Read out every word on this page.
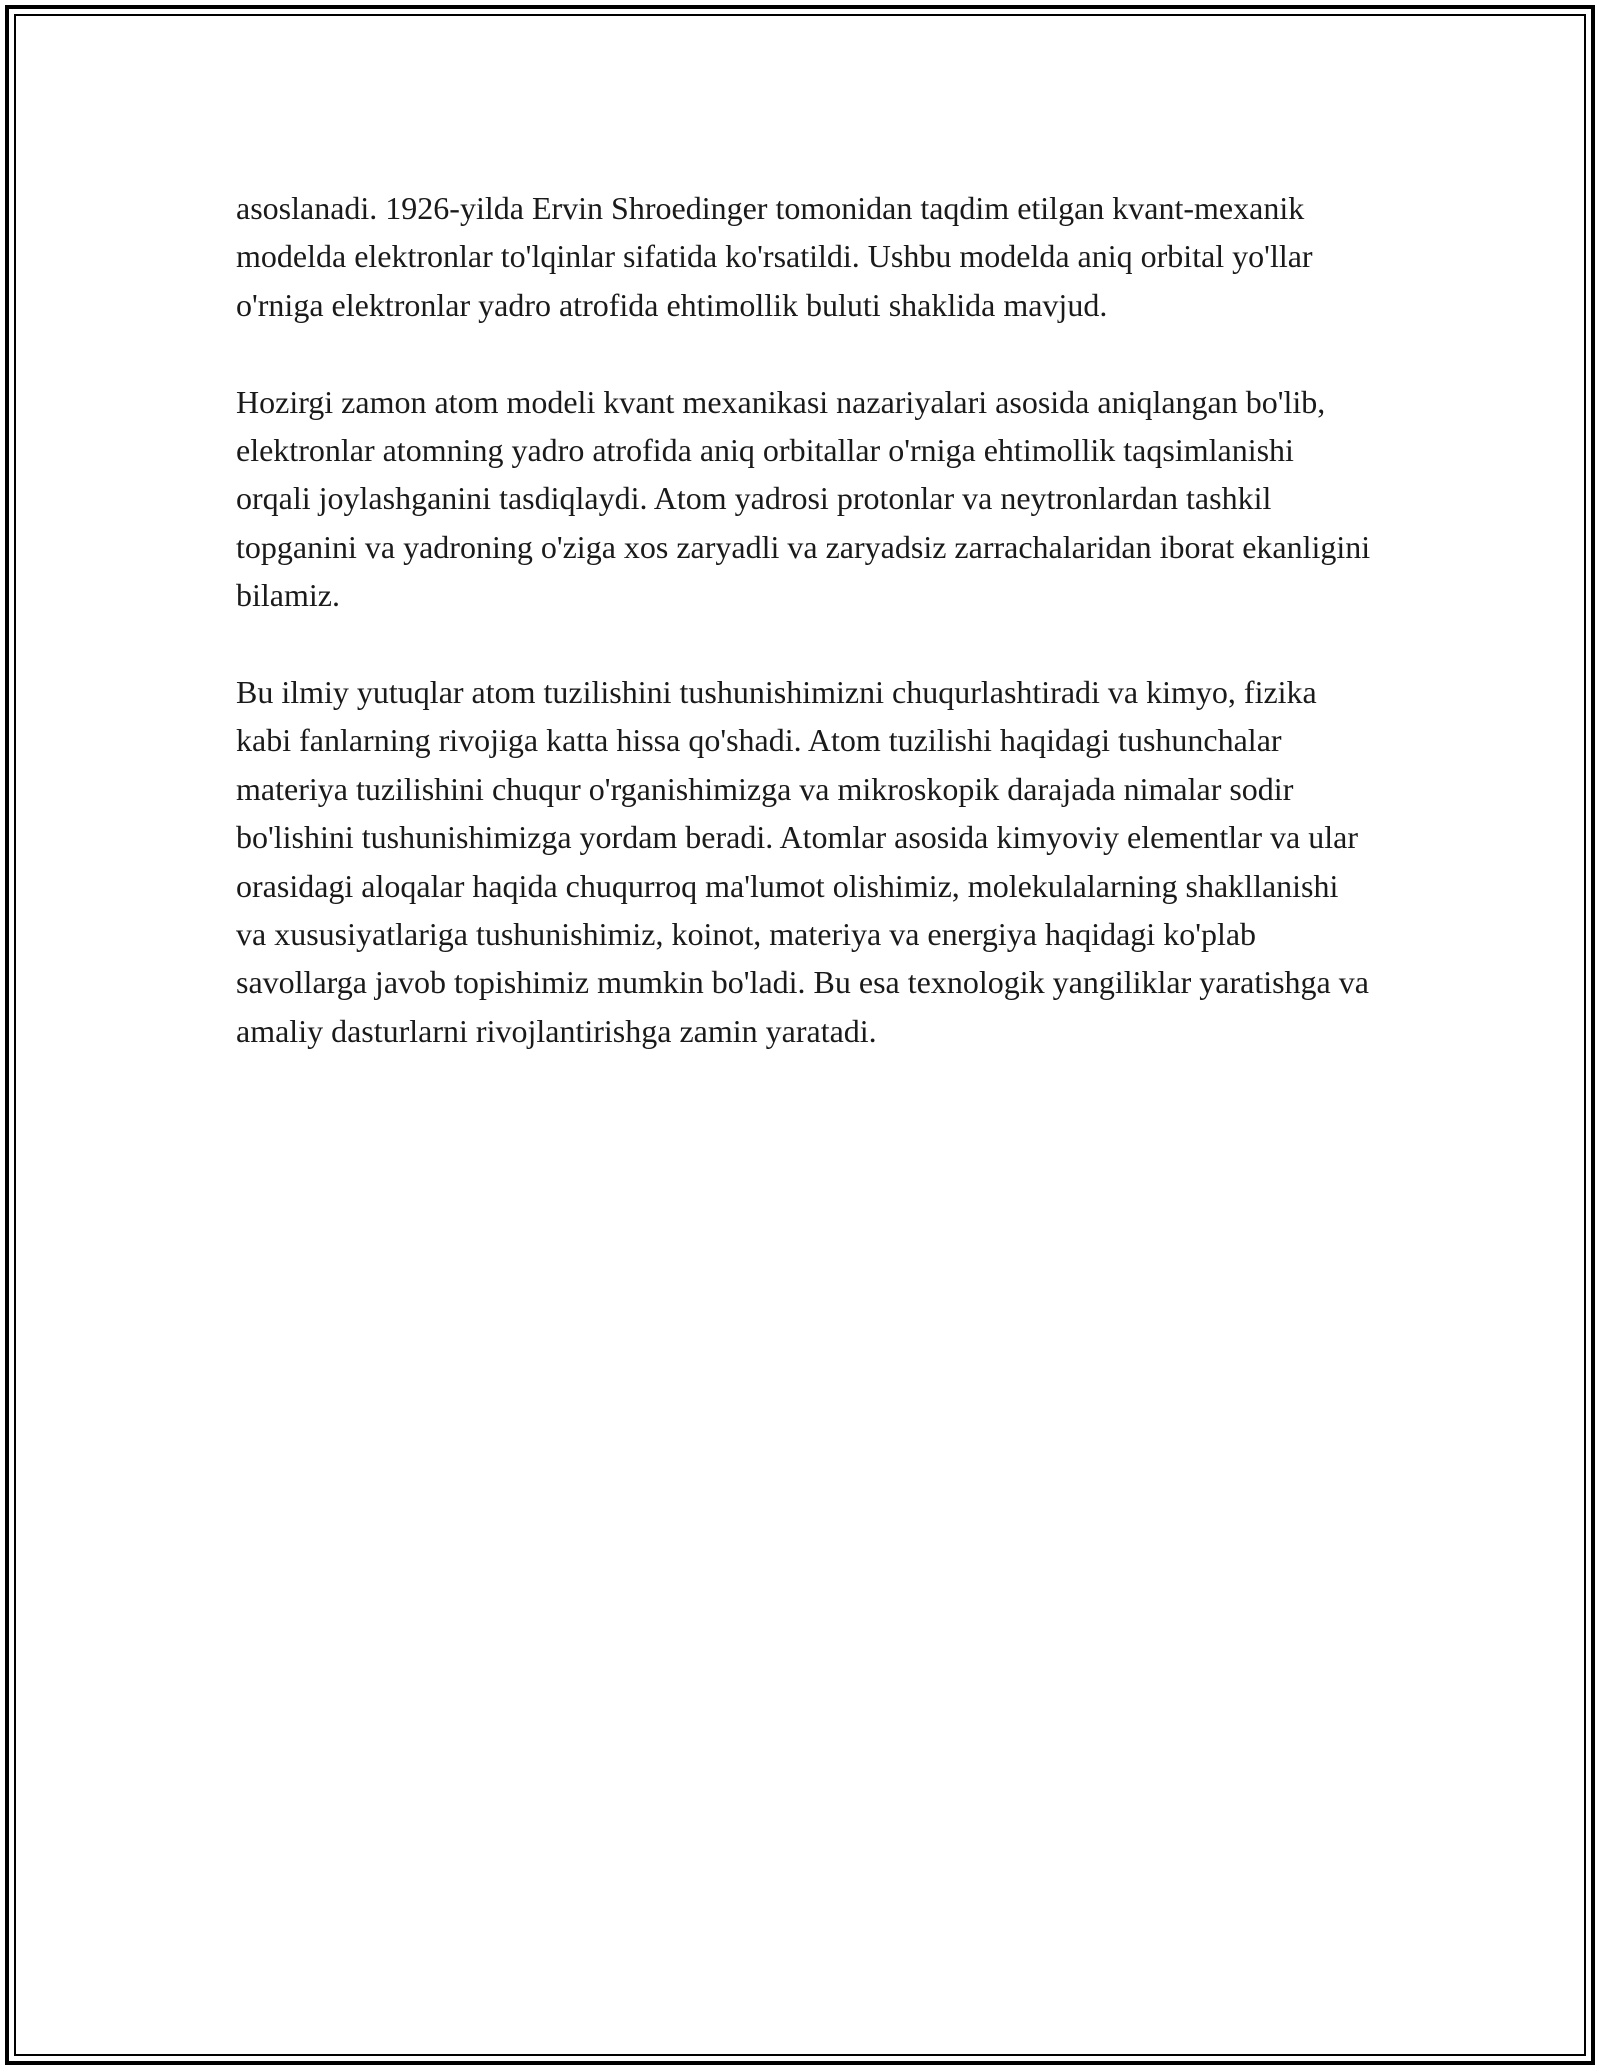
asoslanadi. 1926-yilda Ervin Shroedinger tomonidan taqdim etilgan kvant-mexanik modelda elektronlar to'lqinlar sifatida ko'rsatildi. Ushbu modelda aniq orbital yo'llar o'rniga elektronlar yadro atrofida ehtimollik buluti shaklida mavjud.

Hozirgi zamon atom modeli kvant mexanikasi nazariyalari asosida aniqlangan bo'lib, elektronlar atomning yadro atrofida aniq orbitallar o'rniga ehtimollik taqsimlanishi orqali joylashganini tasdiqlaydi. Atom yadrosi protonlar va neytronlardan tashkil topganini va yadroning o'ziga xos zaryadli va zaryadsiz zarrachalaridan iborat ekanligini bilamiz.

Bu ilmiy yutuqlar atom tuzilishini tushunishimizni chuqurlashtiradi va kimyo, fizika kabi fanlarning rivojiga katta hissa qo'shadi. Atom tuzilishi haqidagi tushunchalar materiya tuzilishini chuqur o'rganishimizga va mikroskopik darajada nimalar sodir bo'lishini tushunishimizga yordam beradi. Atomlar asosida kimyoviy elementlar va ular orasidagi aloqalar haqida chuqurroq ma'lumot olishimiz, molekulalarning shakllanishi va xususiyatlariga tushunishimiz, koinot, materiya va energiya haqidagi ko'plab savollarga javob topishimiz mumkin bo'ladi. Bu esa texnologik yangiliklar yaratishga va amaliy dasturlarni rivojlantirishga zamin yaratadi.
